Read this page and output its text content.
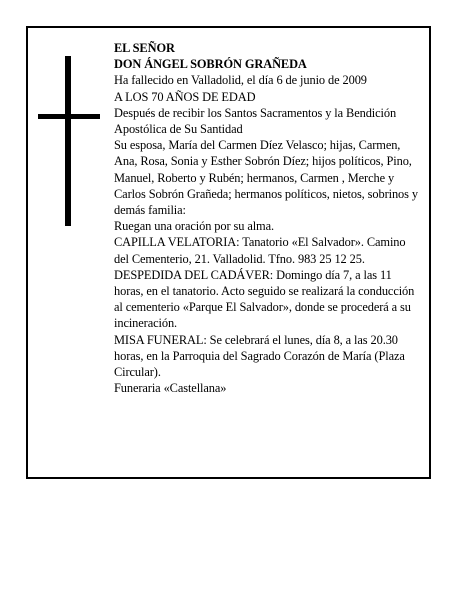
EL SEÑOR

DON ÁNGEL SOBRÓN GRAÑEDA

Ha fallecido en Valladolid, el día 6 de junio de 2009

A LOS 70 AÑOS DE EDAD

Después de recibir los Santos Sacramentos y la Bendición Apostólica de Su Santidad

Su esposa, María del Carmen Díez Velasco; hijas, Carmen, Ana, Rosa, Sonia y Esther Sobrón Díez; hijos políticos, Pino, Manuel, Roberto y Rubén; hermanos, Carmen , Merche y Carlos Sobrón Grañeda; hermanos políticos, nietos, sobrinos y demás familia:

Ruegan una oración por su alma.

CAPILLA VELATORIA: Tanatorio «El Salvador». Camino del Cementerio, 21. Valladolid. Tfno. 983 25 12 25.

DESPEDIDA DEL CADÁVER: Domingo día 7, a las 11 horas, en el tanatorio. Acto seguido se realizará la conducción al cementerio «Parque El Salvador», donde se procederá a su incineración.

MISA FUNERAL: Se celebrará el lunes, día 8, a las 20.30 horas, en la Parroquia del Sagrado Corazón de María (Plaza Circular).

Funeraria «Castellana»
